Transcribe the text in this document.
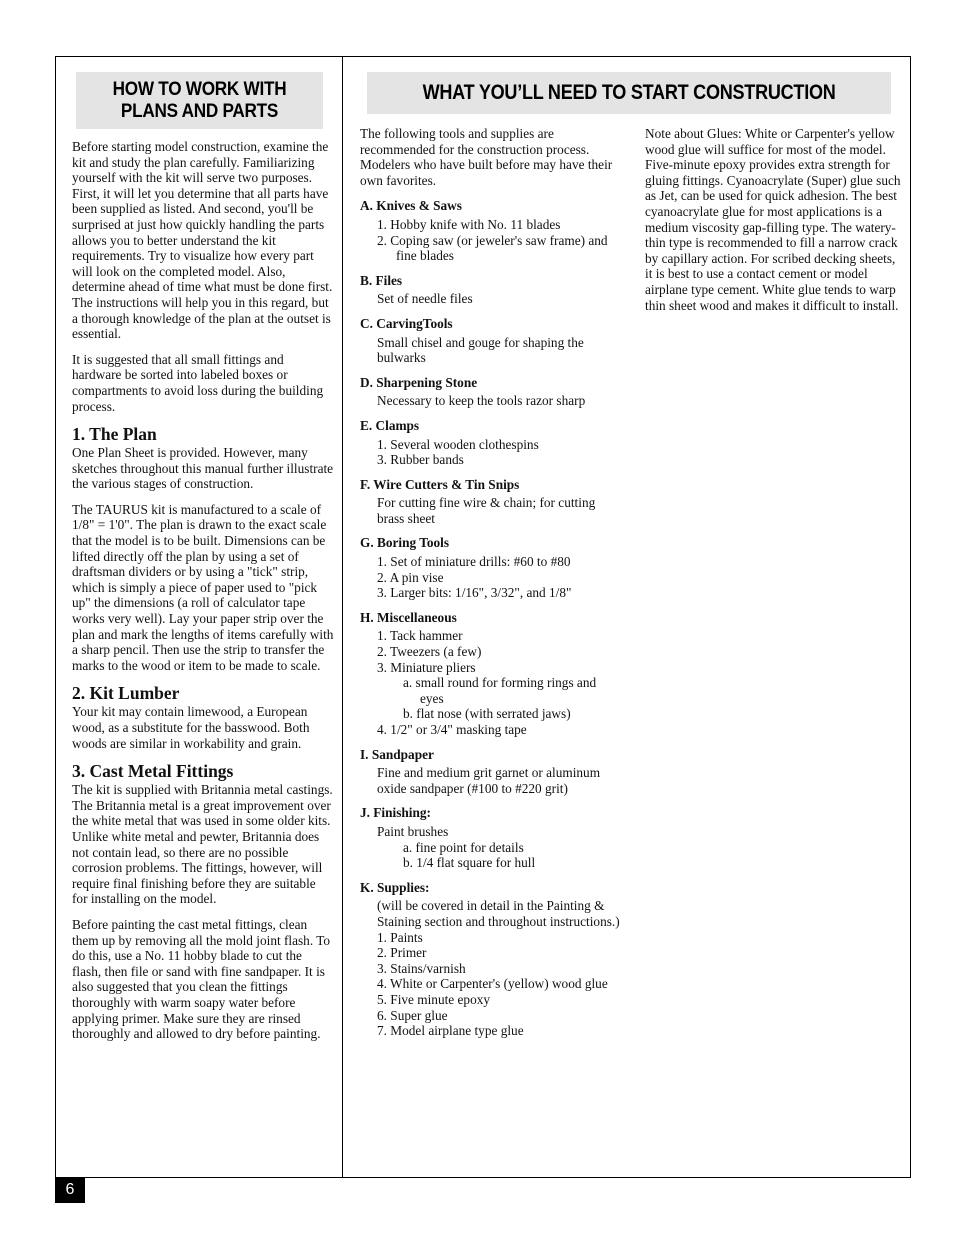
HOW TO WORK WITH
PLANS AND PARTS
WHAT YOU’LL NEED TO START CONSTRUCTION

Before starting model construction, examine the kit and study the plan carefully. Familiarizing yourself with the kit will serve two purposes. First, it will let you determine that all parts have been supplied as listed. And second, you'll be surprised at just how quickly handling the parts allows you to better understand the kit requirements. Try to visualize how every part will look on the completed model. Also, determine ahead of time what must be done first. The instructions will help you in this regard, but a thorough knowledge of the plan at the outset is essential.

It is suggested that all small fittings and hardware be sorted into labeled boxes or compartments to avoid loss during the building process.

1. The Plan

One Plan Sheet is provided. However, many sketches throughout this manual further illustrate the various stages of construction.

The TAURUS kit is manufactured to a scale of 1/8" = 1'0". The plan is drawn to the exact scale that the model is to be built. Dimensions can be lifted directly off the plan by using a set of draftsman dividers or by using a "tick" strip, which is simply a piece of paper used to "pick up" the dimensions (a roll of calculator tape works very well). Lay your paper strip over the plan and mark the lengths of items carefully with a sharp pencil. Then use the strip to transfer the marks to the wood or item to be made to scale.

2. Kit Lumber

Your kit may contain limewood, a European wood, as a substitute for the basswood. Both woods are similar in workability and grain.

3. Cast Metal Fittings

The kit is supplied with Britannia metal castings. The Britannia metal is a great improvement over the white metal that was used in some older kits. Unlike white metal and pewter, Britannia does not contain lead, so there are no possible corrosion problems. The fittings, however, will require final finishing before they are suitable for installing on the model.

Before painting the cast metal fittings, clean them up by removing all the mold joint flash. To do this, use a No. 11 hobby blade to cut the flash, then file or sand with fine sandpaper. It is also suggested that you clean the fittings thoroughly with warm soapy water before applying primer. Make sure they are rinsed thoroughly and allowed to dry before painting.

The following tools and supplies are recommended for the construction process. Modelers who have built before may have their own favorites.

A. Knives & Saws
1. Hobby knife with No. 11 blades
2. Coping saw (or jeweler's saw frame) and fine blades
B. Files
Set of needle files
C. CarvingTools
Small chisel and gouge for shaping the bulwarks
D. Sharpening Stone
Necessary to keep the tools razor sharp
E. Clamps
1. Several wooden clothespins
3. Rubber bands
F. Wire Cutters & Tin Snips
For cutting fine wire & chain; for cutting brass sheet
G. Boring Tools
1. Set of miniature drills: #60 to #80
2. A pin vise
3. Larger bits: 1/16", 3/32", and 1/8"
H. Miscellaneous
1. Tack hammer
2. Tweezers (a few)
3. Miniature pliers
a. small round for forming rings and eyes
b. flat nose (with serrated jaws)
4. 1/2" or 3/4" masking tape
I. Sandpaper
Fine and medium grit garnet or aluminum oxide sandpaper (#100 to #220 grit)
J. Finishing:
Paint brushes
a. fine point for details
b. 1/4 flat square for hull
K. Supplies:
(will be covered in detail in the Painting & Staining section and throughout instructions.)
1. Paints
2. Primer
3. Stains/varnish
4. White or Carpenter's (yellow) wood glue
5. Five minute epoxy
6. Super glue
7. Model airplane type glue

Note about Glues: White or Carpenter's yellow wood glue will suffice for most of the model. Five-minute epoxy provides extra strength for gluing fittings. Cyanoacrylate (Super) glue such as Jet, can be used for quick adhesion. The best cyanoacrylate glue for most applications is a medium viscosity gap-filling type. The watery-thin type is recommended to fill a narrow crack by capillary action. For scribed decking sheets, it is best to use a contact cement or model airplane type cement. White glue tends to warp thin sheet wood and makes it difficult to install.

6
